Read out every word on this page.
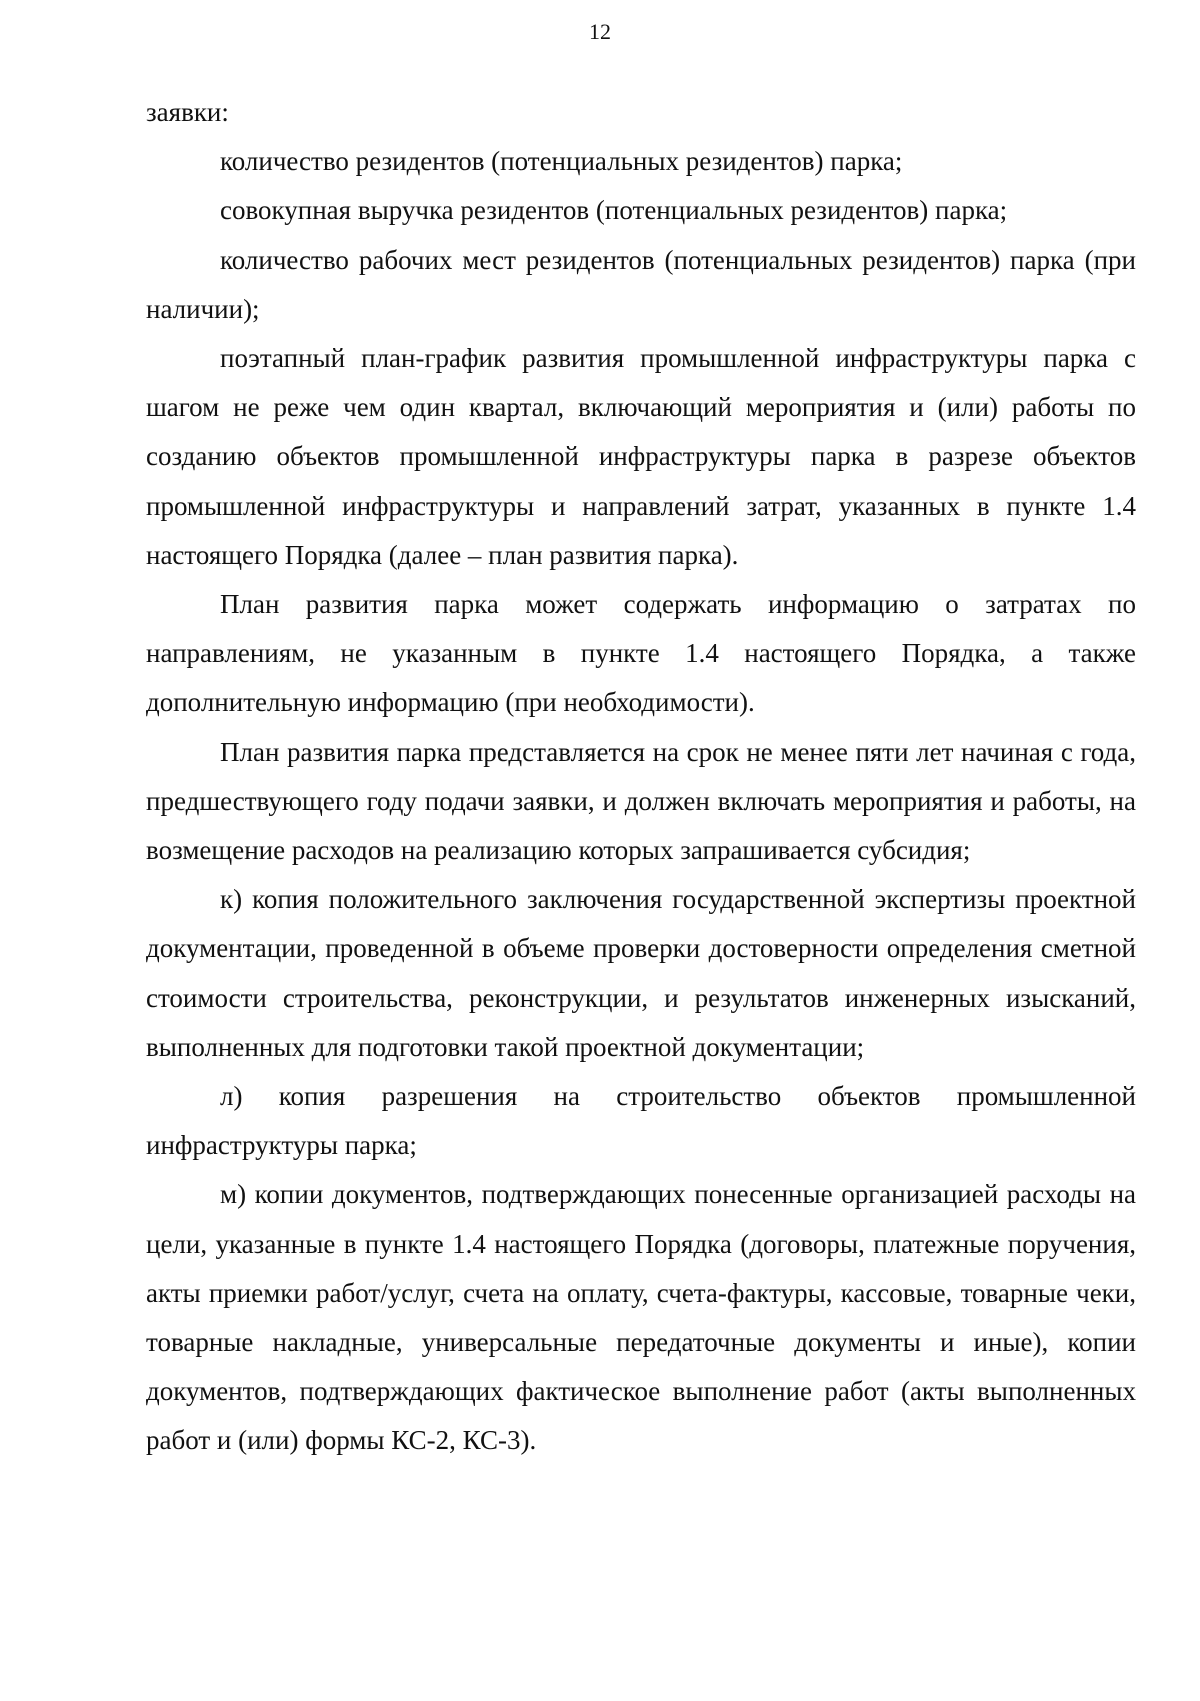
12

заявки:

количество резидентов (потенциальных резидентов) парка;

совокупная выручка резидентов (потенциальных резидентов) парка;

количество рабочих мест резидентов (потенциальных резидентов) парка (при наличии);

поэтапный план-график развития промышленной инфраструктуры парка с шагом не реже чем один квартал, включающий мероприятия и (или) работы по созданию объектов промышленной инфраструктуры парка в разрезе объектов промышленной инфраструктуры и направлений затрат, указанных в пункте 1.4 настоящего Порядка (далее – план развития парка).

План развития парка может содержать информацию о затратах по направлениям, не указанным в пункте 1.4 настоящего Порядка, а также дополнительную информацию (при необходимости).

План развития парка представляется на срок не менее пяти лет начиная с года, предшествующего году подачи заявки, и должен включать мероприятия и работы, на возмещение расходов на реализацию которых запрашивается субсидия;

к) копия положительного заключения государственной экспертизы проектной документации, проведенной в объеме проверки достоверности определения сметной стоимости строительства, реконструкции, и результатов инженерных изысканий, выполненных для подготовки такой проектной документации;

л) копия разрешения на строительство объектов промышленной инфраструктуры парка;

м) копии документов, подтверждающих понесенные организацией расходы на цели, указанные в пункте 1.4 настоящего Порядка (договоры, платежные поручения, акты приемки работ/услуг, счета на оплату, счета-фактуры, кассовые, товарные чеки, товарные накладные, универсальные передаточные документы и иные), копии документов, подтверждающих фактическое выполнение работ (акты выполненных работ и (или) формы КС-2, КС-3).
